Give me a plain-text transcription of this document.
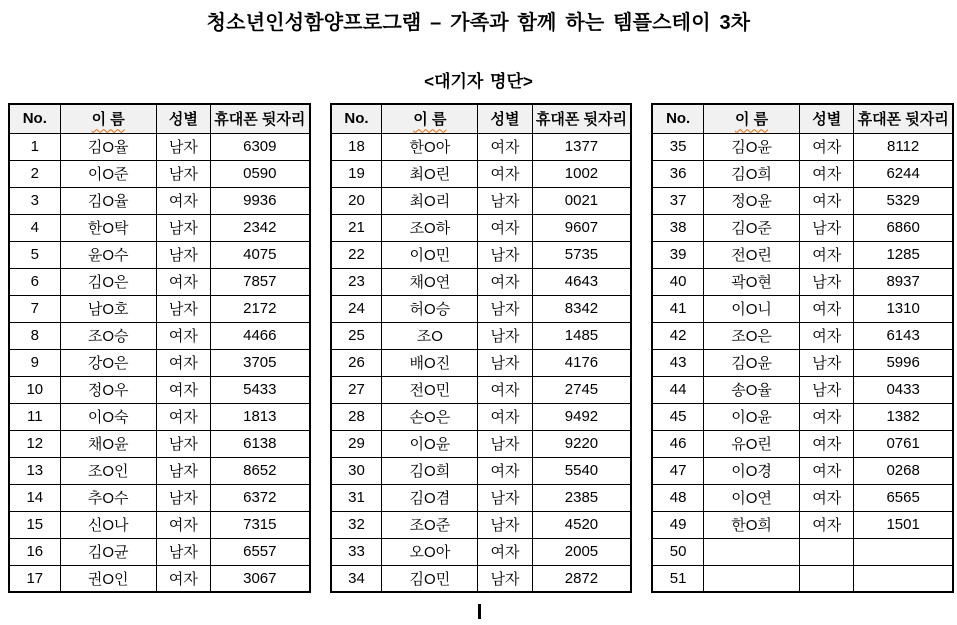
청소년인성함양프로그램 – 가족과 함께 하는 템플스테이 3차
<대기자 명단>
No.	이 름	성별	휴대폰 뒷자리
1	김O율	남자	6309
2	이O준	남자	0590
3	김O율	여자	9936
4	한O탁	남자	2342
5	윤O수	남자	4075
6	김O은	여자	7857
7	남O호	남자	2172
8	조O승	여자	4466
9	강O은	여자	3705
10	정O우	여자	5433
11	이O숙	여자	1813
12	채O윤	남자	6138
13	조O인	남자	8652
14	추O수	남자	6372
15	신O나	여자	7315
16	김O균	남자	6557
17	권O인	여자	3067
No.	이 름	성별	휴대폰 뒷자리
18	한O아	여자	1377
19	최O린	여자	1002
20	최O리	남자	0021
21	조O하	여자	9607
22	이O민	남자	5735
23	채O연	여자	4643
24	허O승	남자	8342
25	조O	남자	1485
26	배O진	남자	4176
27	전O민	여자	2745
28	손O은	여자	9492
29	이O윤	남자	9220
30	김O희	여자	5540
31	김O겸	남자	2385
32	조O준	남자	4520
33	오O아	여자	2005
34	김O민	남자	2872
No.	이 름	성별	휴대폰 뒷자리
35	김O윤	여자	8112
36	김O희	여자	6244
37	정O윤	여자	5329
38	김O준	남자	6860
39	전O린	여자	1285
40	곽O현	남자	8937
41	이O니	여자	1310
42	조O은	여자	6143
43	김O윤	남자	5996
44	송O율	남자	0433
45	이O윤	여자	1382
46	유O린	여자	0761
47	이O경	여자	0268
48	이O연	여자	6565
49	한O희	여자	1501
50			
51			
